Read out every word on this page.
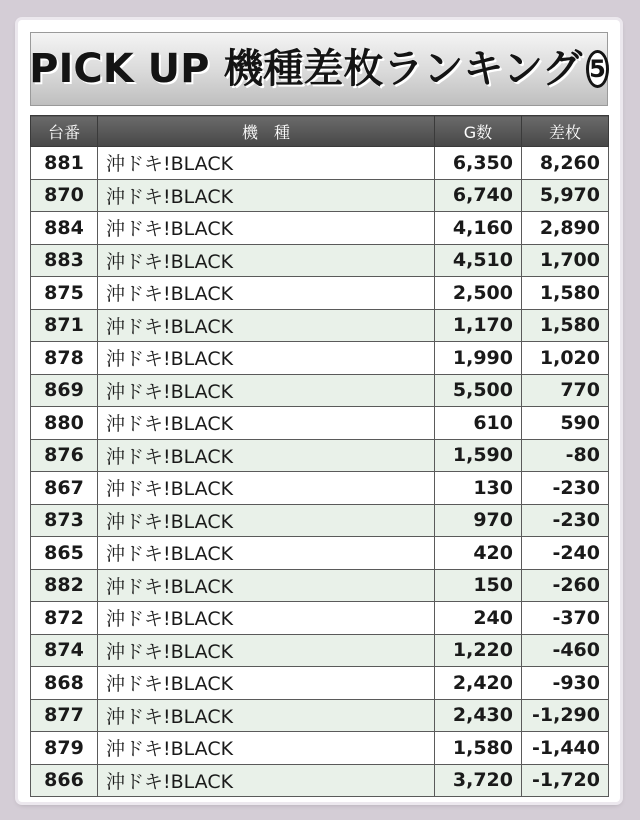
PICK UP 機種差枚ランキング 5
台番	機　種	G数	差枚
881	沖ドキ!BLACK	6,350	8,260
870	沖ドキ!BLACK	6,740	5,970
884	沖ドキ!BLACK	4,160	2,890
883	沖ドキ!BLACK	4,510	1,700
875	沖ドキ!BLACK	2,500	1,580
871	沖ドキ!BLACK	1,170	1,580
878	沖ドキ!BLACK	1,990	1,020
869	沖ドキ!BLACK	5,500	770
880	沖ドキ!BLACK	610	590
876	沖ドキ!BLACK	1,590	-80
867	沖ドキ!BLACK	130	-230
873	沖ドキ!BLACK	970	-230
865	沖ドキ!BLACK	420	-240
882	沖ドキ!BLACK	150	-260
872	沖ドキ!BLACK	240	-370
874	沖ドキ!BLACK	1,220	-460
868	沖ドキ!BLACK	2,420	-930
877	沖ドキ!BLACK	2,430	-1,290
879	沖ドキ!BLACK	1,580	-1,440
866	沖ドキ!BLACK	3,720	-1,720
